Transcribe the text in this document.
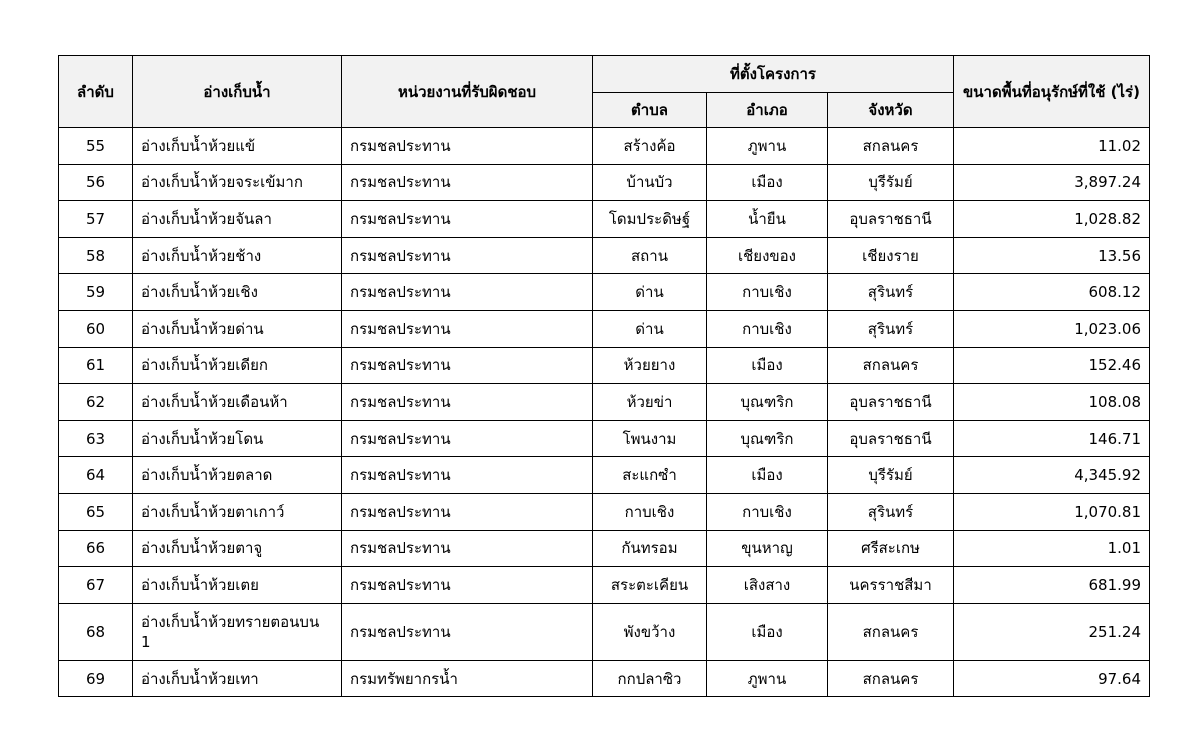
ลำดับ	อ่างเก็บน้ำ	หน่วยงานที่รับผิดชอบ	ที่ตั้งโครงการ			ขนาดพื้นที่อนุรักษ์ที่ใช้ (ไร่)
			ตำบล	อำเภอ	จังหวัด	
55	อ่างเก็บน้ำห้วยแข้	กรมชลประทาน	สร้างค้อ	ภูพาน	สกลนคร	11.02
56	อ่างเก็บน้ำห้วยจระเข้มาก	กรมชลประทาน	บ้านบัว	เมือง	บุรีรัมย์	3,897.24
57	อ่างเก็บน้ำห้วยจันลา	กรมชลประทาน	โดมประดิษฐ์	น้ำยืน	อุบลราชธานี	1,028.82
58	อ่างเก็บน้ำห้วยช้าง	กรมชลประทาน	สถาน	เชียงของ	เชียงราย	13.56
59	อ่างเก็บน้ำห้วยเชิง	กรมชลประทาน	ด่าน	กาบเชิง	สุรินทร์	608.12
60	อ่างเก็บน้ำห้วยด่าน	กรมชลประทาน	ด่าน	กาบเชิง	สุรินทร์	1,023.06
61	อ่างเก็บน้ำห้วยเดียก	กรมชลประทาน	ห้วยยาง	เมือง	สกลนคร	152.46
62	อ่างเก็บน้ำห้วยเดือนห้า	กรมชลประทาน	ห้วยข่า	บุณฑริก	อุบลราชธานี	108.08
63	อ่างเก็บน้ำห้วยโดน	กรมชลประทาน	โพนงาม	บุณฑริก	อุบลราชธานี	146.71
64	อ่างเก็บน้ำห้วยตลาด	กรมชลประทาน	สะแกซำ	เมือง	บุรีรัมย์	4,345.92
65	อ่างเก็บน้ำห้วยตาเกาว์	กรมชลประทาน	กาบเชิง	กาบเชิง	สุรินทร์	1,070.81
66	อ่างเก็บน้ำห้วยตาจู	กรมชลประทาน	กันทรอม	ขุนหาญ	ศรีสะเกษ	1.01
67	อ่างเก็บน้ำห้วยเตย	กรมชลประทาน	สระตะเคียน	เสิงสาง	นครราชสีมา	681.99
68	อ่างเก็บน้ำห้วยทรายตอนบน 1	กรมชลประทาน	พังขว้าง	เมือง	สกลนคร	251.24
69	อ่างเก็บน้ำห้วยเทา	กรมทรัพยากรน้ำ	กกปลาซิว	ภูพาน	สกลนคร	97.64
